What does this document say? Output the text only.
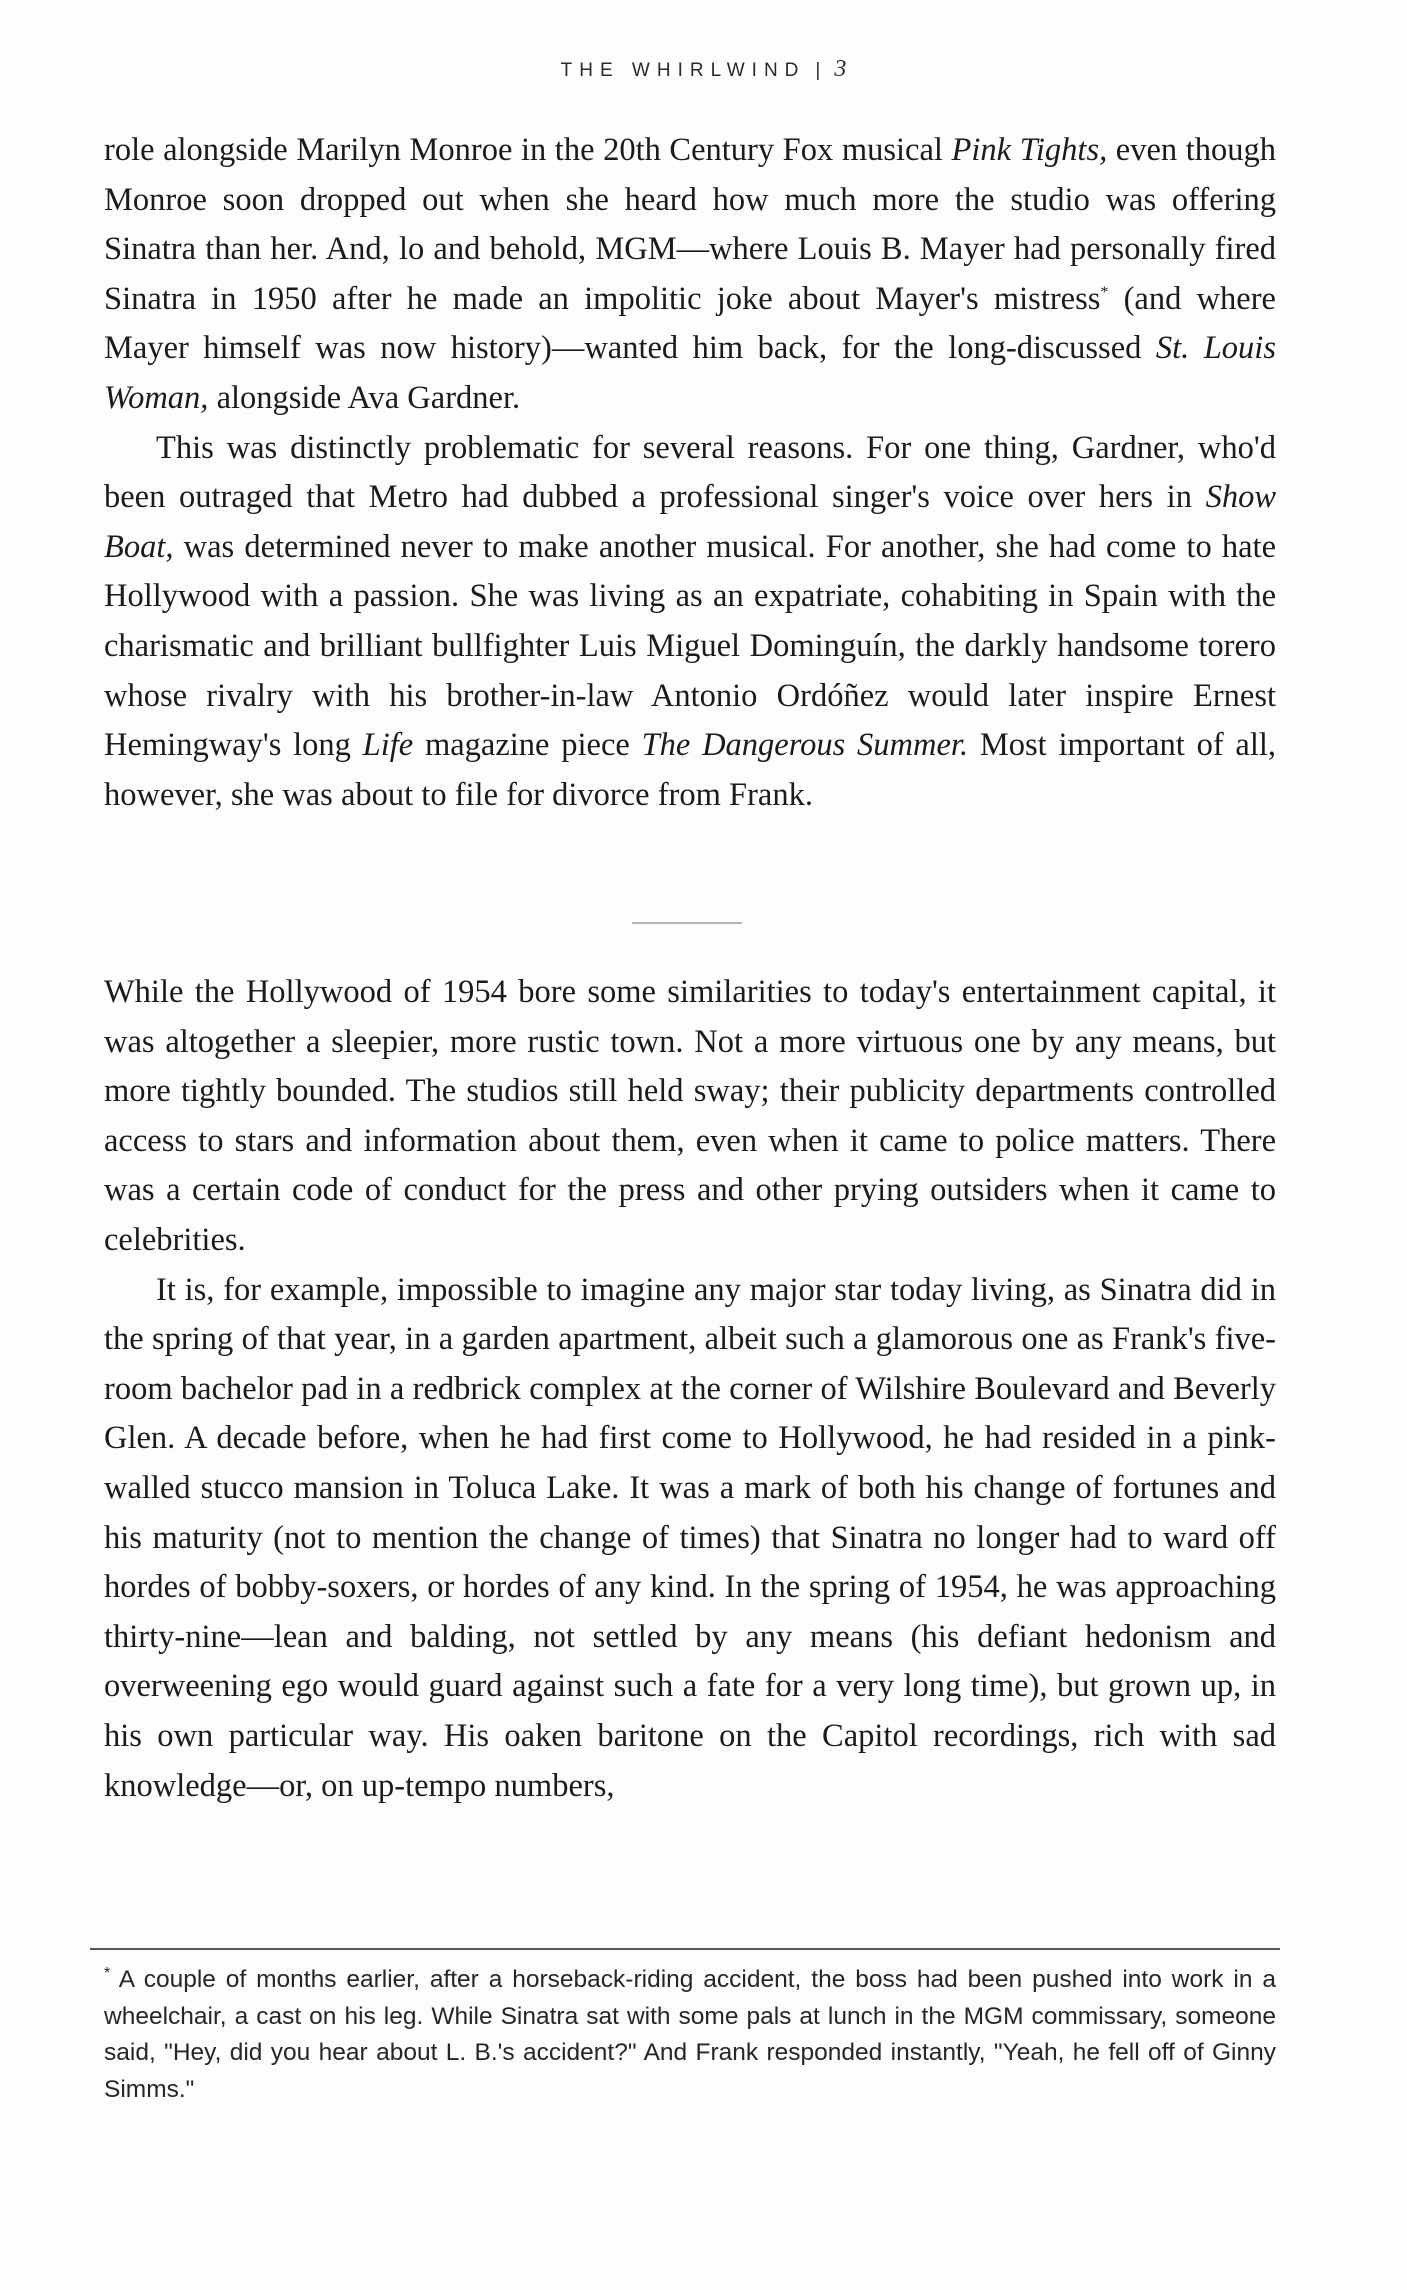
THE WHIRLWIND | 3

role alongside Marilyn Monroe in the 20th Century Fox musical Pink Tights, even though Monroe soon dropped out when she heard how much more the studio was offering Sinatra than her. And, lo and behold, MGM—where Louis B. Mayer had personally fired Sinatra in 1950 after he made an impolitic joke about Mayer's mistress* (and where Mayer himself was now history)—wanted him back, for the long-discussed St. Louis Woman, alongside Ava Gardner.

This was distinctly problematic for several reasons. For one thing, Gardner, who'd been outraged that Metro had dubbed a professional singer's voice over hers in Show Boat, was determined never to make another musical. For another, she had come to hate Hollywood with a passion. She was living as an expatriate, cohabiting in Spain with the charismatic and brilliant bullfighter Luis Miguel Dominguín, the darkly handsome torero whose rivalry with his brother-in-law Antonio Ordóñez would later inspire Ernest Hemingway's long Life magazine piece The Dangerous Summer. Most important of all, however, she was about to file for divorce from Frank.

While the Hollywood of 1954 bore some similarities to today's entertainment capital, it was altogether a sleepier, more rustic town. Not a more virtuous one by any means, but more tightly bounded. The studios still held sway; their publicity departments controlled access to stars and information about them, even when it came to police matters. There was a certain code of conduct for the press and other prying outsiders when it came to celebrities.

It is, for example, impossible to imagine any major star today living, as Sinatra did in the spring of that year, in a garden apartment, albeit such a glamorous one as Frank's five-room bachelor pad in a redbrick complex at the corner of Wilshire Boulevard and Beverly Glen. A decade before, when he had first come to Hollywood, he had resided in a pink-walled stucco mansion in Toluca Lake. It was a mark of both his change of fortunes and his maturity (not to mention the change of times) that Sinatra no longer had to ward off hordes of bobby-soxers, or hordes of any kind. In the spring of 1954, he was approaching thirty-nine—lean and balding, not settled by any means (his defiant hedonism and overweening ego would guard against such a fate for a very long time), but grown up, in his own particular way. His oaken baritone on the Capitol recordings, rich with sad knowledge—or, on up-tempo numbers,

* A couple of months earlier, after a horseback-riding accident, the boss had been pushed into work in a wheelchair, a cast on his leg. While Sinatra sat with some pals at lunch in the MGM commissary, someone said, "Hey, did you hear about L. B.'s accident?" And Frank responded instantly, "Yeah, he fell off of Ginny Simms."
